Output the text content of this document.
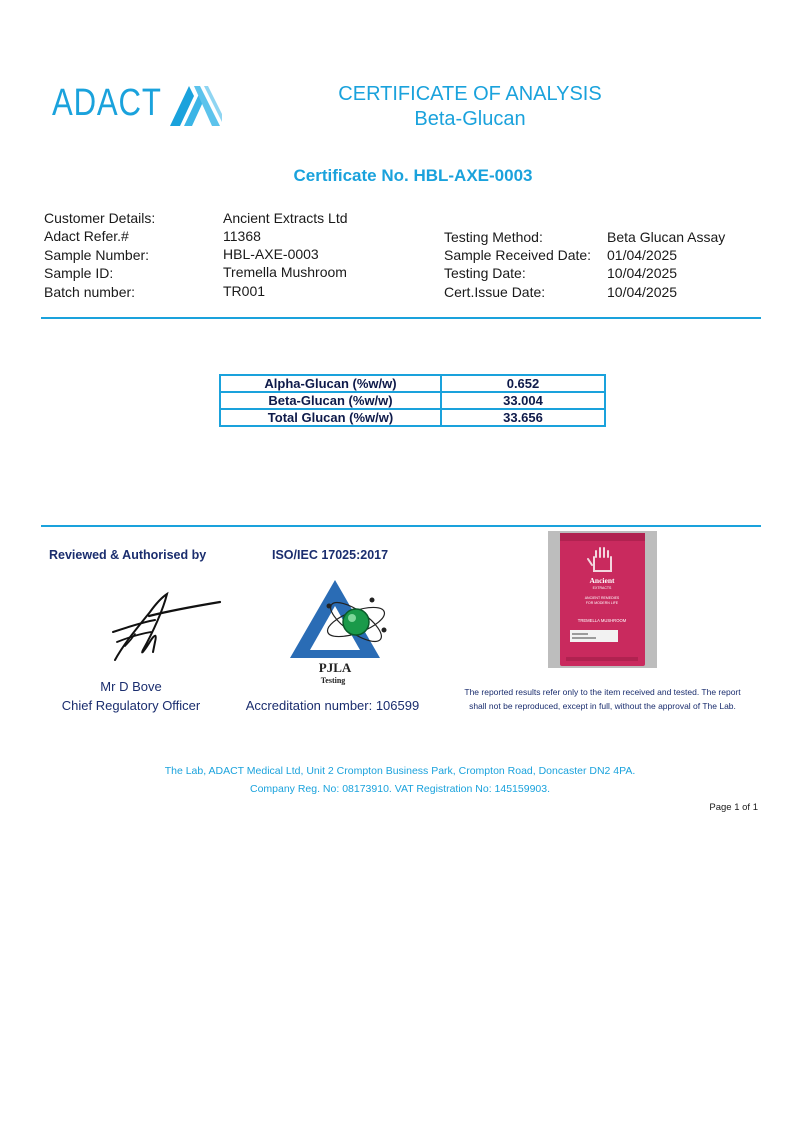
ADACT	CERTIFICATE OF ANALYSIS
Beta-Glucan
Certificate No. HBL-AXE-0003
Customer Details:	Ancient Extracts Ltd
Adact Refer.#	11368
Sample Number:	HBL-AXE-0003
Sample ID:	Tremella Mushroom
Batch number:	TR001
Testing Method:	Beta Glucan Assay
Sample Received Date: 01/04/2025
Testing Date:	10/04/2025
Cert.Issue Date:	10/04/2025
Alpha-Glucan (%w/w)	0.652
Beta-Glucan (%w/w)	33.004
Total Glucan (%w/w)	33.656
Reviewed & Authorised by
Mr D Bove
Chief Regulatory Officer
ISO/IEC 17025:2017
PJLA
Testing
Accreditation number: 106599
Ancient
EXTRACTS
ANCIENT REMEDIES
FOR MODERN LIFE
TREMELLA MUSHROOM
The reported results refer only to the item received and tested. The report
shall not be reproduced, except in full, without the approval of The Lab.
The Lab, ADACT Medical Ltd, Unit 2 Crompton Business Park, Crompton Road, Doncaster DN2 4PA.
Company Reg. No: 08173910. VAT Registration No: 145159903.
Page 1 of 1
